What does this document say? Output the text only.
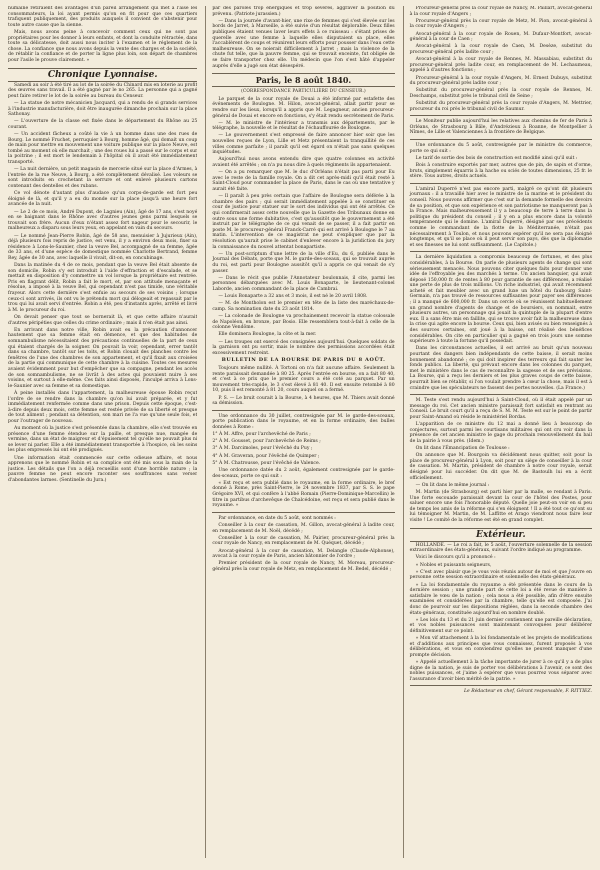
humaine retiraient des avantages d'un pareil arrangement qui met à l'aise les consommateurs, la loi ayant permis qu'on en fit pour que ces quartiers trafiquent publiquement, des produits auxquels il convient de s'abstenir pour toute autre cause que la sienne.

Mais, nous avons peine à concevoir comment ceux qui ne sont pas propriétaires pour les donner à leurs enfants, et dont la conduite rétractée, dans toute sa délicatesse, doit aussi nous inciter à l'examen et le réglement de la chose. La confiance que nous avons depuis la vente des charges et de la société, de rétablir la confiance et de porter la ligne plus loin, son départ de chambres pour l'asile le prouve clairement. »

Chronique Lyonnaise.

Samedi au soir à été tiré au lot de la soirée du Chinard mis en loterie au profit des œuvres sans travail. Il a été gagné par le no 265. La personne qui a gagné peut faire retirer le lot de la soirée au bureau du Censeur.

— La statue de notre mécanicien Jacquard, qui a rendu de si grands services à l'industrie manufacturière, doit être inaugurée dimanche prochain sur la place Sathonay.

— L'ouverture de la classe est fixée dans le département du Rhône au 25 courant.

— Un accident fâcheux a coûté la vie à un homme dans une des rues de Bourg. Le nommé Fruchet, perruquier à Bourg, homme âgé, qui domait un coup de main pour mettre en mouvement une voiture publique sur la place Neuve, est tombé au moment où elle marchait ; une des roues lui a passé sur le corps et sur la poitrine ; il est mort le lendemain à l'hôpital où il avait été immédiatement transporté.

— La nuit dernière, un petit magasin de mercerie situé sur la place d'Armes, à l'entrée de la rue Neuve, à Bourg, a été complètement dévalisé. Les voleurs se sont introduits en crochetant la serrure et ont enlevé plusieurs cartons contenant des dentelles et des rubans.

Ce vol dénote d'autant plus d'audace qu'un corps-de-garde est fort peu éloigné de là, et qu'il y a eu du monde sur la place jusqu'à une heure fort avancée de la nuit.

— Le 2 de ce mois, André Dupont, de Lagnieu (Ain), âgé de 17 ans, s'est noyé en se baignant dans le Rhône avec d'autres jeunes gens parmi lesquels se trouvait son frère. Aucun d'eux n'étant assez fort nageur pour le secourir, le malheureux a disparu sous leurs yeux, en appelant en vain du secours.

— Le nommé Jean-Pierre Robin, âgé de 58 ans, menuisier à Jujurieux (Ain), déjà plusieurs fois repris de justice, est venu, il y a environ deux mois, fixer sa résidence à Lons-le-Saunier, chez la veuve Bel, accompagné de sa femme, âgée de 33 ans, et d'une espèce de domestique nommée Charlotte Bertrand, femme Rey, âgée de 30 ans, avec laquelle il vivait, dit-on, en concubinage.

Dans la matinée du 4 de ce mois, pendant que la veuve Bel était absente de son domicile, Robin s'y est introduit à l'aide d'effraction et d'escalade, et se mettait en disposition d'y commettre un vol lorsque la propriétaire est rentrée. Pris en flagrant délit, Robin a fait le mort, et, par son attitude menaçante et résolue, a imposé à la veuve Bel, qui cependant n'est pas timide, une véritable frayeur. Alors cette dernière s'est enfuie au secours de ses voisins ; lorsque ceux-ci sont arrivés, ils ont vu le prétendu mort qui délogeait et repassait par le trou qui lui avait servi d'entrée. Robin a été, peu d'instants après, arrêté et livré à M. le procureur du roi.

On devait penser que tout se bornerait là, et que cette affaire n'aurait d'autres péripéties que celles du crime ordinaire ; mais il n'en était pas ainsi.

En arrivant dans notre ville, Robin avait eu la précaution d'annoncer hautement que sa femme était en démence, et que des habitudes de somnambulisme nécessitaient des précautions continuelles de la part de ceux qui étaient chargés de la soigner. On pouvait la voir, cependant, errer tantôt dans sa chambre, tantôt sur les toits, et Robin clouait des planches contre les fenêtres de l'une des chambres de son appartement, et qu'il fixait aux croisées de la partie qui communique de cette chambre à la cuisine. Toutes ces mesures avaient évidemment pour but d'empêcher que sa compagne, pendant les accès de son somnambulisme, ne se livrât à des actes qui pouvaient nuire à ses voisins, et surtout à elle-même. Ces faits ainsi disposés, l'inculpé arriva à Lons-le-Saunier avec sa femme et sa domestique.

À peine installés dans l'appartement, la malheureuse épouse Robin reçut l'ordre de se rendre dans la chambre qu'on lui avait préparée, et y fut immédiatement renfermée comme dans une prison. Depuis cette époque, c'est-à-dire depuis deux mois, cette femme est restée privée de sa liberté et presque de tout aliment ; pendant sa détention, son mari ne l'a vue qu'une seule fois, et pour l'outrager de nouveau.

Au moment où la justice s'est présentée dans la chambre, elle s'est trouvée en présence d'une femme étendue sur la paille, et presque nue, mangée de vermine, dans un état de maigreur et d'épuisement tel qu'elle ne pouvait plus ni se lever ni parler. Elle a été immédiatement transportée à l'hospice, où les soins les plus empressés lui ont été prodigués.

Une information était commencée sur cette odieuse affaire, et nous apprenons que le nommé Robin et sa complice ont été mis sous la main de la justice. Les détails que l'on a déjà recueillis sont d'une horrible nature ; la pauvre femme ne peut encore raconter ses souffrances sans verser d'abondantes larmes. (Sentinelle du Jura.)

par des paroles trop énergiques et trop sévères, aggraver la position du prévenu. (Patriote jurassien.)

— Dans la journée d'avant-hier, une rixe de femmes qui s'est élevée sur les bords de Jarret, à Marseille, a été suivie d'un résultat déplorable. Deux filles publiques étaient venues laver leurs effets à ce ruisseau : s'étant prises de querelle avec une femme à laquelle elles disputaient sa place, elles l'accablèrent de coups et réunirent leurs efforts pour pousser dans l'eau cette malheureuse. On se noierait difficilement à Jarret ; mais la violence de la chute fut telle, que la pauvre femme, qui se trouvait enceinte, fut obligée de se faire transporter chez elle. Un médecin que l'on s'est hâté d'appeler auprès d'elle a jugé son état désespéré.

Paris, le 8 août 1840.
(CORRESPONDANCE PARTICULIÈRE DU CENSEUR.)

Le parquet de la cour royale de Douai a été informé par estafette des événements de Boulogne. M. Hilon, avocat-général, allait partir pour se rendre sur les lieux, lorsqu'il a appris que M. Legagneur, ancien procureur-général de Douai et encore en fonctions, s'y était rendu secrètement de Paris.

— M. le ministre de l'intérieur a transmis aux départements, par le télégraphe, la nouvelle et le résultat de l'échauffourée de Boulogne.

— Le gouvernement s'est empressé de faire annoncer hier soir que les nouvelles reçues de Lyon, Lille et Metz présentaient la tranquillité de ces villes comme parfaite ; il paraît qu'il est égard on n'était pas sans quelques inquiétudes.

Aujourd'hui nous avons entendu dire que quatre colonnes en activité avaient été arrêtés ; on n'a pu nous dire à quels régiments ils appartenaient.

— On a pu remarquer que M. le duc d'Orléans n'était pas parti pour Eu avec le reste de la famille royale. On a dit cet après-midi qu'il était resté à Saint-Cloud pour commander la place de Paris, dans le cas où une tentative y aurait été faite.

— Il paraît à peu près certain que l'affaire de Boulogne sera déférée à la chambre des pairs ; qui serait immédiatement appelée à se constituer en cour de justice pour statuer sur le sort des individus qui ont été arrêtés. Ce qui confirmerait assez cette nouvelle que la Gazette des Tribunaux donne en outre sous une forme dubitative, c'est qu'aussitôt que le gouvernement a été instruit par le télégraphe de ce qui venait de se passer, il a fait partir en poste M. le procureur-général Franck-Carré qui est arrivé à Boulogne le 7 au matin. L'intervention de ce magistrat ne peut s'expliquer que par la résolution qu'aurait prise le cabinet d'enlever encore à la juridiction du jury la connaissance du nouvel attentat bonapartiste.

— Un post-scriptum d'une lettre de la ville d'Eu, du 6, publiée dans le Journal des Débats, porte que M. le garde-des-sceaux, qui se trouvait auprès du roi, est parti pour Boulogne aussitôt qu'il a appris ce qui venait de s'y passer.

— Dans le récit que publie l'Annotateur boulonnais, il cite, parmi les personnes débarquées avec M. Louis Bonaparte, le lieutenant-colonel Laborde, ancien commandant de la place de Cambrai.

— Louis Bonaparte a 32 ans et 3 mois, il est né le 20 avril 1808.

— M. de Montholon est le premier en tête de la liste des maréchaux-de-camp. Sa nomination date du 23 août 1814.

— La colonade de Boulogne va prochainement recevoir la statue colossale de Napoléon, en bronze, par Bosio. Elle ressemblera tout-à-fait à celle de la colonne Vendôme.

Elle dominera Boulogne, la côte et la mer.

— Les troupes ont exercé des consignées aujourd'hui. Quelques soldats de la garnison ont pu sortir, mais le nombre des permissions accordées était excessivement restreint.

BULLETIN DE LA BOURSE DE PARIS DU 8 AOÛT.

Toujours même nullité. À Tortoni on n'a fait aucune affaire. Seulement la rente paraissait demandée à 80 25. Après l'entrée en bourse, on a fait 80 40, et c'est à ce prix que le premier cours a été coté au parquet. Par un mouvement très-rapide, le 3 s'est élevé à 81 40. Il est ensuite retombé à 80 10, puis il est remonté à 81 20, cours auquel on a fermé.

P. S. — Le bruit courait à la Bourse, à 4 heures, que M. Thiers avait donné sa démission.

Une ordonnance du 30 juillet, contresignée par M. le garde-des-sceaux, porte publication dans le royaume, et en la forme ordinaire, des bulles données à Rome :

1° À M. Affre, pour l'archevêché de Paris ;

2° À M. Gousset, pour l'archevêché de Reims ;

3° À M. Darcimoles, pour l'évêché du Puy ;

4° À M. Graveran, pour l'évêché de Quimper ;

5° À M. Chatrousse, pour l'évêché de Valence.

Une ordonnance datée du 2 août, également contresignée par le garde-des-sceaux, porte ce qui suit :

« Est reçu et sera publié dans le royaume, en la forme ordinaire, le bref donné à Rome, près Saint-Pierre, le 24 novembre 1837, par S. S. le pape Grégoire XVI, et qui confère à l'abbé Romain (Pierre-Dominique-Marcellin) le titre in partibus d'archevêque de Chalcédoine, est reçu et sera publié dans le royaume. »

Par ordonnance, en date du 5 août, sont nommés :

Conseiller à la cour de cassation, M. Gillon, avocat-général à ladite cour, en remplacement de M. Noël, décédé ;

Conseiller à la cour de cassation, M. Pairier, procureur-général près la cour royale de Nancy, en remplacement de M. Quéquet, décédé ;

Avocat-général à la cour de cassation, M. Delangle (Claude-Alphonse), avocat à la cour royale de Paris, ancien bâtonnier de l'ordre ;

Premier président de la cour royale de Nancy, M. Moreau, procureur-général près la cour royale de Metz, en remplacement de M. Bedel, décédé ;

Procureur-général près la cour royale de Nancy, M. Paillart, avocat-général à la cour royale d'Angers ;

Procureur-général près la cour royale de Metz, M. Pion, avocat-général à la cour royale d'Angers ;

Avocat-général à la cour royale de Rouen, M. Dufaur-Montfort, avocat-général à la cour de Caen ;

Avocat-général à la cour royale de Caen, M. Desèze, substitut du procureur-général près ladite cour ;

Avocat-général à la cour royale de Rennes, M. Massabiau, substitut du procureur-général près ladite cour, en remplacement de M. Lechaumeau, appelé à d'autres fonctions ;

Procureur-général à la cour royale d'Angers, M. Ernest Dubuys, substitut du procureur-général près ladite cour ;

Substitut du procureur-général près la cour royale de Rennes, M. Deschamps, substitut près le tribunal civil de Seine ;

Substitut du procureur-général près la cour royale d'Angers, M. Mettrier, procureur du roi près le tribunal civil de Saumur.

Le Moniteur publie aujourd'hui les relatives aux chemins de fer de Paris à Orléans, de Strasbourg à Bâle, d'Andrézieux à Roanne, de Montpellier à Nîmes, de Lille et Valenciennes à la frontière de Belgique.

Une ordonnance du 5 août, contresignée par le ministre du commerce, porte ce qui suit :

Le tarif de sortie des bois de construction est modifié ainsi qu'il suit :

Bois à construire exportés par mer, autres que de pin, de sapin et d'orme, bruts, simplement équarris à la hache ou sciés de toutes dimensions, 25 fr. le stère. Tous autres, droits actuels.

L'amiral Duperré n'est pas encore parti, malgré ce qu'ont dit plusieurs journaux : il a travaillé hier avec le ministre de la marine et le président du conseil. Nous pouvons affirmer que c'est sur la demande formelle des devoirs de sa position, et que son expérience et son patriotisme ne manqueront pas à la France. Mais malheureusement il y a beaucoup de terre à terre dans la politique du président du conseil ; il y en a plus encore dans la volonté tempéranente qui le domine. L'amiral Duperré, désigné par ses précédents comme le commandant de la flotte de la Méditerranée, n'était pas nécessairement à Toulon, et nous pouvons espérer qu'il ne sera pas éloigné longtemps, et qu'il se place où il peut servir son pays, dès que la diplomatie et ses finesses ne lui sont suffisamment. (Le Capitole.)

La dernière liquidation a compromis beaucoup de fortunes, et des plus considérables, à la Bourse. On parle de plusieurs agents de change qui sont sérieusement menacés. Nous pouvons citer quelques faits pour donner une idée de l'effroyable jeu des marchés à terme. Un ancien banquier, qui avait déposé 150,000 fr. de rentes à 80 pour garantie de ses différences, a réalisé une perte de plus de trois millions. Un riche industriel, qui avait récemment acheté et fait meubler avec un grand luxe un hôtel du faubourg Saint-Germain, n'a pas trouvé de ressources suffisantes pour payer ses différences ; il a manqué de 600,000 fr. Dans un cercle où se réunissent habituellement un grand nombre d'agents de change et de boursiers, on nommait, entre plusieurs autres, un personnage qui jouait la quintuple de la plupart d'entre eux. Il a sans être mis en faillite, qui se trouve avoir fait la malheureuse dans la crise qui agite encore la bourse. Ceux qui, bien avisés ou bien renseignés à des sources certaines, ont joué à la baisse, ont réalisé des bénéfices considérables. On cite en particulier qui a gagné en trois jours une somme supérieure à toute la fortune qu'il possédait.

Dans les circonstances actuelles, il est arrivé au bruit qu'un nouveau pourtant des dangers bien indépendants de cette baisse, il serait moins bonnement abandonné ; ce qui doit inspirer des terreurs qui fait sauter les fonds publics. La liberté, qui prévaut encore dans les colonnes du parquet, met le ministère dans le cas de reconnaître la sagesse et de ses prévisions. La Bourse, qui a reçu les derniers et les plus graves coups de cette baisse, pourrait bien se rétablir, si l'on voulait prendre à cœur la chose, mais il est à craindre que les spéculateurs ne fassent des pertes nouvelles. (La France.)

M. Teste s'est rendu aujourd'hui à Saint-Cloud, où il était appelé par un message du roi. Cet ancien ministre paraissait fort satisfait en rentrant au Conseil. Le bruit court qu'il a reçu de S. M. M. Teste est sur le point de partir pour Saint-Amand où réside le ministériel Bordas.

L'apparition de ce ministre du 12 mai a donné lieu à beaucoup de conjectures, surtout parmi les courtisans militaires qui ont cru voir dans la présence de cet ancien ministre le gage du prochain renouvellement du bail de la pairie à vous près. (Idem.)

On lit dans l'Émancipation de Toulouse :

On annonce que M. Bourgoin va décidément nous quitter, soit pour la place de procureur-général à Lyon, soit pour un siège de conseiller à la cour de cassation. M. Martin, président de chambre à notre cour royale, serait désigné pour lui succéder. On dit que M. de Bastoulh lui en a écrit officiellement.

— On lit dans le même journal :

M. Martin (de Strasbourg) est parti hier par la malle, se rendant à Paris. Une forte escouade paraissait devant la cour de l'hôtel des Postes, pour saluer encore une fois l'honorable député. Quelle joie peut-on voir en si peu de temps les amis de la réforme qui s'en éloignent ! Il a été tout ce qu'ont su lui témoigner M. Martin, de M. Laffitte et Arago viendront nous faire leur visite ! Le comité de la réforme est été en grand complet.

Extérieur.

HOLLANDE. — Le roi a fait, le 5 août, l'ouverture solennelle de la session extraordinaire des états-généraux, suivant l'ordre indiqué au programme.

Voici le discours qu'il a prononcé :

« Nobles et puissants seigneurs,

» C'est avec plaisir que je vous vois réunis autour de moi et que j'ouvre en personne cette session extraordinaire et solennelle des états-généraux.

» La loi fondamentale du royaume a été présentée dans le cours de la dernière session ; une grande part de cette loi a été revue de manière à satisfaire le vœu de la nation ; cela nous a été possible, afin d'être ensuite examinées et considérées par la chambre, telle qu'elle est composée. J'ai donc de pourvoir sur les dispositions réglées, dans la seconde chambre des états-généraux, constituée aujourd'hui en nombre doublé.

» Les lois du 13 et du 21 juin dernier contiennent une pareille déclaration, et vos nobles puissances sont maintenant convoquées pour délibérer définitivement sur ce point.

» Mon vif attachement à la loi fondamentale et les projets de modifications et d'additions aux principes que vous connaissez, furent proposés à vos délibérations, et vous en conviendrez qu'elles ne peuvent manquer d'une prompte décision.

» Appelé actuellement à la tâche importante de jurer à ce qu'il y a de plus digne de la nation, je suis de porter vos délibérations à l'avenir, ce sont des nobles puissances, et j'aime à espérer que vous pourrez vous séparer avec l'assurance d'avoir bien mérité de la patrie. »

Le Rédacteur en chef, Gérant responsable, F. RITTIEZ.
